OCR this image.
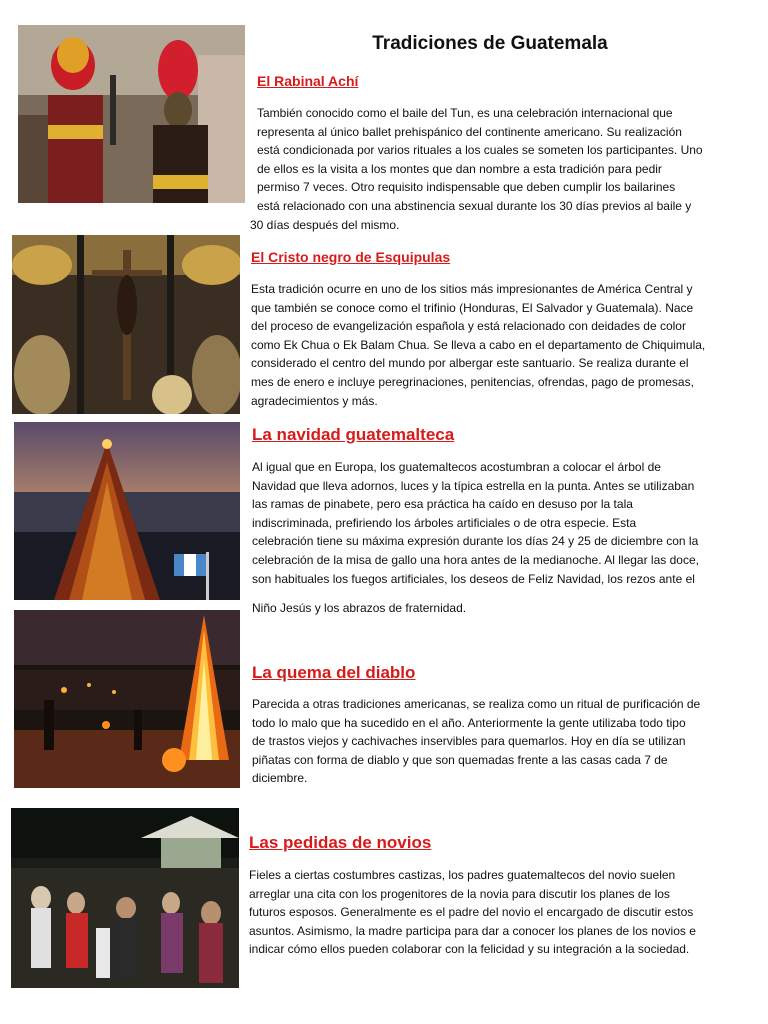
Tradiciones de Guatemala
El Rabinal Achí

También conocido como el baile del Tun, es una celebración internacional que
representa al único ballet prehispánico del continente americano. Su realización
está condicionada por varios rituales a los cuales se someten los participantes. Uno
de ellos es la visita a los montes que dan nombre a esta tradición para pedir
permiso 7 veces. Otro requisito indispensable que deben cumplir los bailarines
está relacionado con una abstinencia sexual durante los 30 días previos al baile y
30 días después del mismo.

El Cristo negro de Esquipulas

Esta tradición ocurre en uno de los sitios más impresionantes de América Central y
que también se conoce como el trifinio (Honduras, El Salvador y Guatemala). Nace
del proceso de evangelización española y está relacionado con deidades de color
como Ek Chua o Ek Balam Chua. Se lleva a cabo en el departamento de Chiquimula,
considerado el centro del mundo por albergar este santuario. Se realiza durante el
mes de enero e incluye peregrinaciones, penitencias, ofrendas, pago de promesas,
agradecimientos y más.

La navidad guatemalteca

Al igual que en Europa, los guatemaltecos acostumbran a colocar el árbol de
Navidad que lleva adornos, luces y la típica estrella en la punta. Antes se utilizaban
las ramas de pinabete, pero esa práctica ha caído en desuso por la tala
indiscriminada, prefiriendo los árboles artificiales o de otra especie. Esta
celebración tiene su máxima expresión durante los días 24 y 25 de diciembre con la
celebración de la misa de gallo una hora antes de la medianoche. Al llegar las doce,
son habituales los fuegos artificiales, los deseos de Feliz Navidad, los rezos ante el

Niño Jesús y los abrazos de fraternidad.

La quema del diablo

Parecida a otras tradiciones americanas, se realiza como un ritual de purificación de
todo lo malo que ha sucedido en el año. Anteriormente la gente utilizaba todo tipo
de trastos viejos y cachivaches inservibles para quemarlos. Hoy en día se utilizan
piñatas con forma de diablo y que son quemadas frente a las casas cada 7 de
diciembre.

Las pedidas de novios

Fieles a ciertas costumbres castizas, los padres guatemaltecos del novio suelen
arreglar una cita con los progenitores de la novia para discutir los planes de los
futuros esposos. Generalmente es el padre del novio el encargado de discutir estos
asuntos. Asimismo, la madre participa para dar a conocer los planes de los novios e
indicar cómo ellos pueden colaborar con la felicidad y su integración a la sociedad.
